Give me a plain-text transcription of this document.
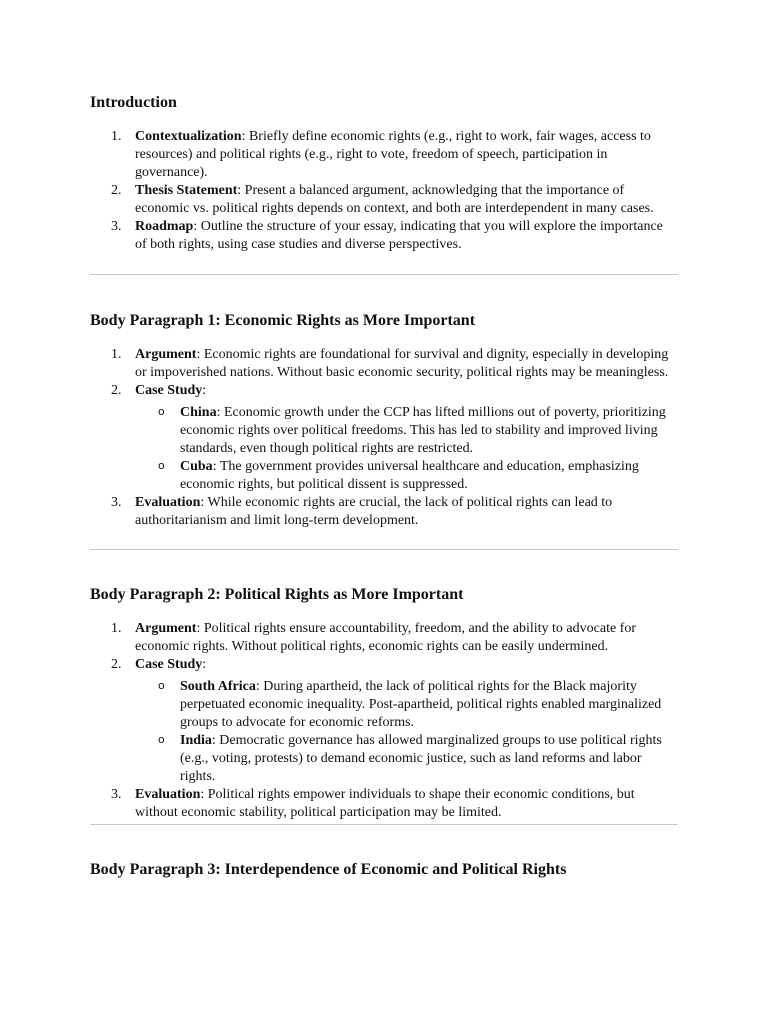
Introduction
1. Contextualization: Briefly define economic rights (e.g., right to work, fair wages, access to resources) and political rights (e.g., right to vote, freedom of speech, participation in governance).
2. Thesis Statement: Present a balanced argument, acknowledging that the importance of economic vs. political rights depends on context, and both are interdependent in many cases.
3. Roadmap: Outline the structure of your essay, indicating that you will explore the importance of both rights, using case studies and diverse perspectives.
Body Paragraph 1: Economic Rights as More Important
1. Argument: Economic rights are foundational for survival and dignity, especially in developing or impoverished nations. Without basic economic security, political rights may be meaningless.
2. Case Study:
o China: Economic growth under the CCP has lifted millions out of poverty, prioritizing economic rights over political freedoms. This has led to stability and improved living standards, even though political rights are restricted.
o Cuba: The government provides universal healthcare and education, emphasizing economic rights, but political dissent is suppressed.
3. Evaluation: While economic rights are crucial, the lack of political rights can lead to authoritarianism and limit long-term development.
Body Paragraph 2: Political Rights as More Important
1. Argument: Political rights ensure accountability, freedom, and the ability to advocate for economic rights. Without political rights, economic rights can be easily undermined.
2. Case Study:
o South Africa: During apartheid, the lack of political rights for the Black majority perpetuated economic inequality. Post-apartheid, political rights enabled marginalized groups to advocate for economic reforms.
o India: Democratic governance has allowed marginalized groups to use political rights (e.g., voting, protests) to demand economic justice, such as land reforms and labor rights.
3. Evaluation: Political rights empower individuals to shape their economic conditions, but without economic stability, political participation may be limited.
Body Paragraph 3: Interdependence of Economic and Political Rights
